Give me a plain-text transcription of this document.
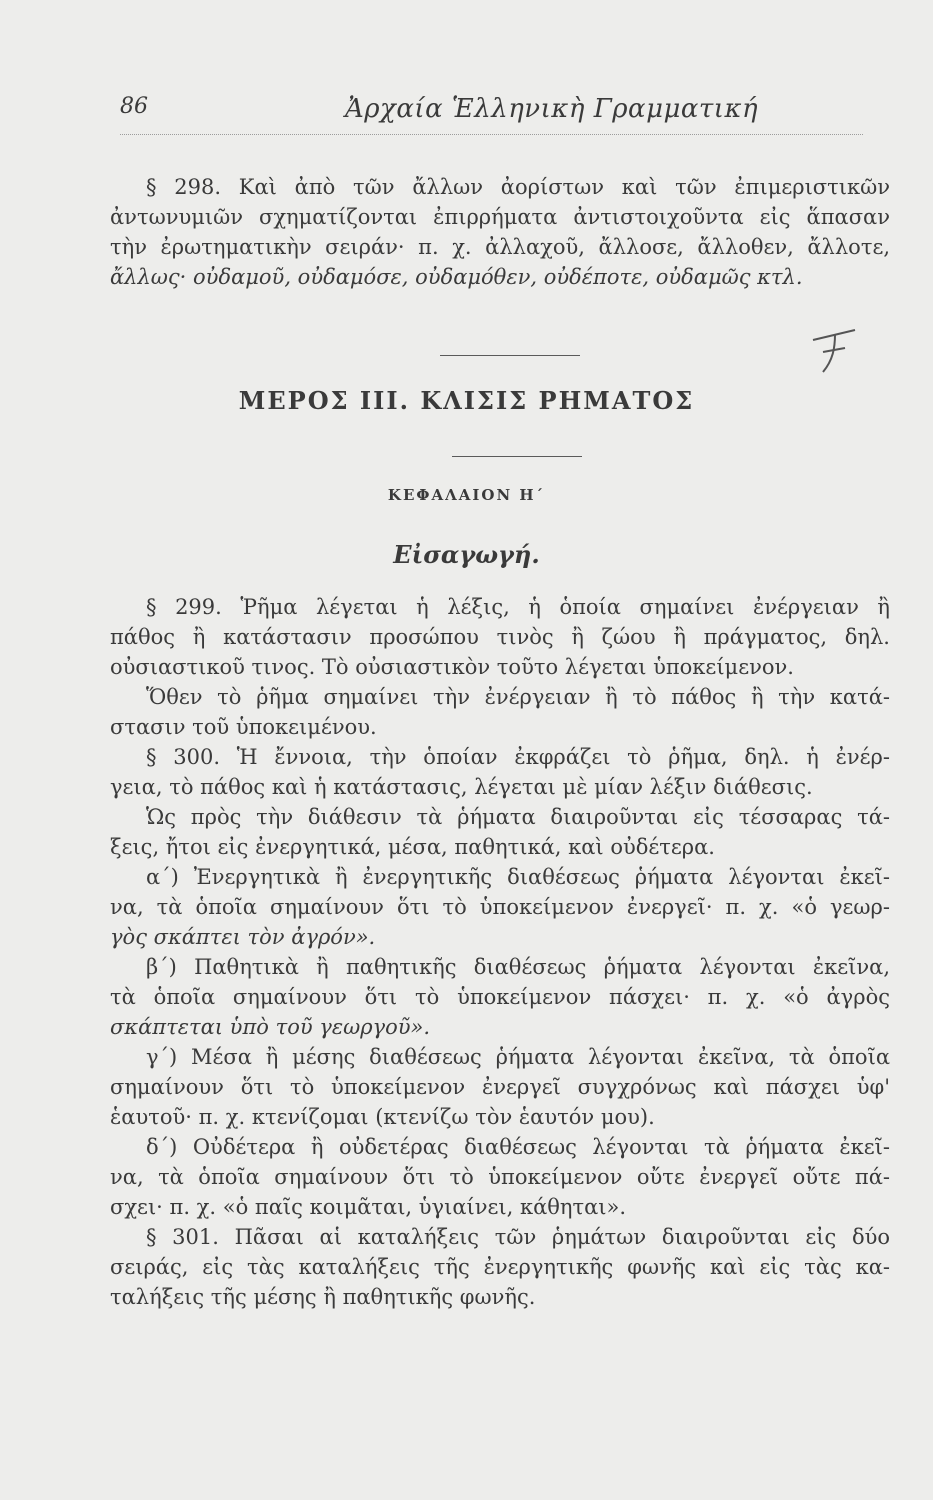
86	Ἀρχαία Ἑλληνικὴ Γραμματική

§ 298. Καὶ ἀπὸ τῶν ἄλλων ἀορίστων καὶ τῶν ἐπιμεριστικῶν

ἀντωνυμιῶν σχηματίζονται ἐπιρρήματα ἀντιστοιχοῦντα εἰς ἅπασαν

τὴν ἐρωτηματικὴν σειράν· π. χ. ἀλλαχοῦ, ἄλλοσε, ἄλλοθεν, ἄλλοτε,

ἄλλως· οὐδαμοῦ, οὐδαμόσε, οὐδαμόθεν, οὐδέποτε, οὐδαμῶς κτλ.

ΜΕΡΟΣ ΙΙΙ. ΚΛΙΣΙΣ ΡΗΜΑΤΟΣ
ΚΕΦΑΛΑΙΟΝ Η΄
Εἰσαγωγή.

§ 299. Ῥῆμα λέγεται ἡ λέξις, ἡ ὁποία σημαίνει ἐνέργειαν ἢ

πάθος ἢ κατάστασιν προσώπου τινὸς ἢ ζώου ἢ πράγματος, δηλ.

οὐσιαστικοῦ τινος. Τὸ οὐσιαστικὸν τοῦτο λέγεται ὑποκείμενον.

Ὅθεν τὸ ῥῆμα σημαίνει τὴν ἐνέργειαν ἢ τὸ πάθος ἢ τὴν κατά-

στασιν τοῦ ὑποκειμένου.

§ 300. Ἡ ἔννοια, τὴν ὁποίαν ἐκφράζει τὸ ῥῆμα, δηλ. ἡ ἐνέρ-

γεια, τὸ πάθος καὶ ἡ κατάστασις, λέγεται μὲ μίαν λέξιν διάθεσις.

Ὡς πρὸς τὴν διάθεσιν τὰ ῥήματα διαιροῦνται εἰς τέσσαρας τά-

ξεις, ἤτοι εἰς ἐνεργητικά, μέσα, παθητικά, καὶ οὐδέτερα.

α΄) Ἐνεργητικὰ ἢ ἐνεργητικῆς διαθέσεως ῥήματα λέγονται ἐκεῖ-

να, τὰ ὁποῖα σημαίνουν ὅτι τὸ ὑποκείμενον ἐνεργεῖ· π. χ. «ὁ γεωρ-

γὸς σκάπτει τὸν ἀγρόν».

β΄) Παθητικὰ ἢ παθητικῆς διαθέσεως ῥήματα λέγονται ἐκεῖνα,

τὰ ὁποῖα σημαίνουν ὅτι τὸ ὑποκείμενον πάσχει· π. χ. «ὁ ἀγρὸς

σκάπτεται ὑπὸ τοῦ γεωργοῦ».

γ΄) Μέσα ἢ μέσης διαθέσεως ῥήματα λέγονται ἐκεῖνα, τὰ ὁποῖα

σημαίνουν ὅτι τὸ ὑποκείμενον ἐνεργεῖ συγχρόνως καὶ πάσχει ὑφ'

ἑαυτοῦ· π. χ. κτενίζομαι (κτενίζω τὸν ἑαυτόν μου).

δ΄) Οὐδέτερα ἢ οὐδετέρας διαθέσεως λέγονται τὰ ῥήματα ἐκεῖ-

να, τὰ ὁποῖα σημαίνουν ὅτι τὸ ὑποκείμενον οὔτε ἐνεργεῖ οὔτε πά-

σχει· π. χ. «ὁ παῖς κοιμᾶται, ὑγιαίνει, κάθηται».

§ 301. Πᾶσαι αἱ καταλήξεις τῶν ῥημάτων διαιροῦνται εἰς δύο

σειράς, εἰς τὰς καταλήξεις τῆς ἐνεργητικῆς φωνῆς καὶ εἰς τὰς κα-

ταλήξεις τῆς μέσης ἢ παθητικῆς φωνῆς.
